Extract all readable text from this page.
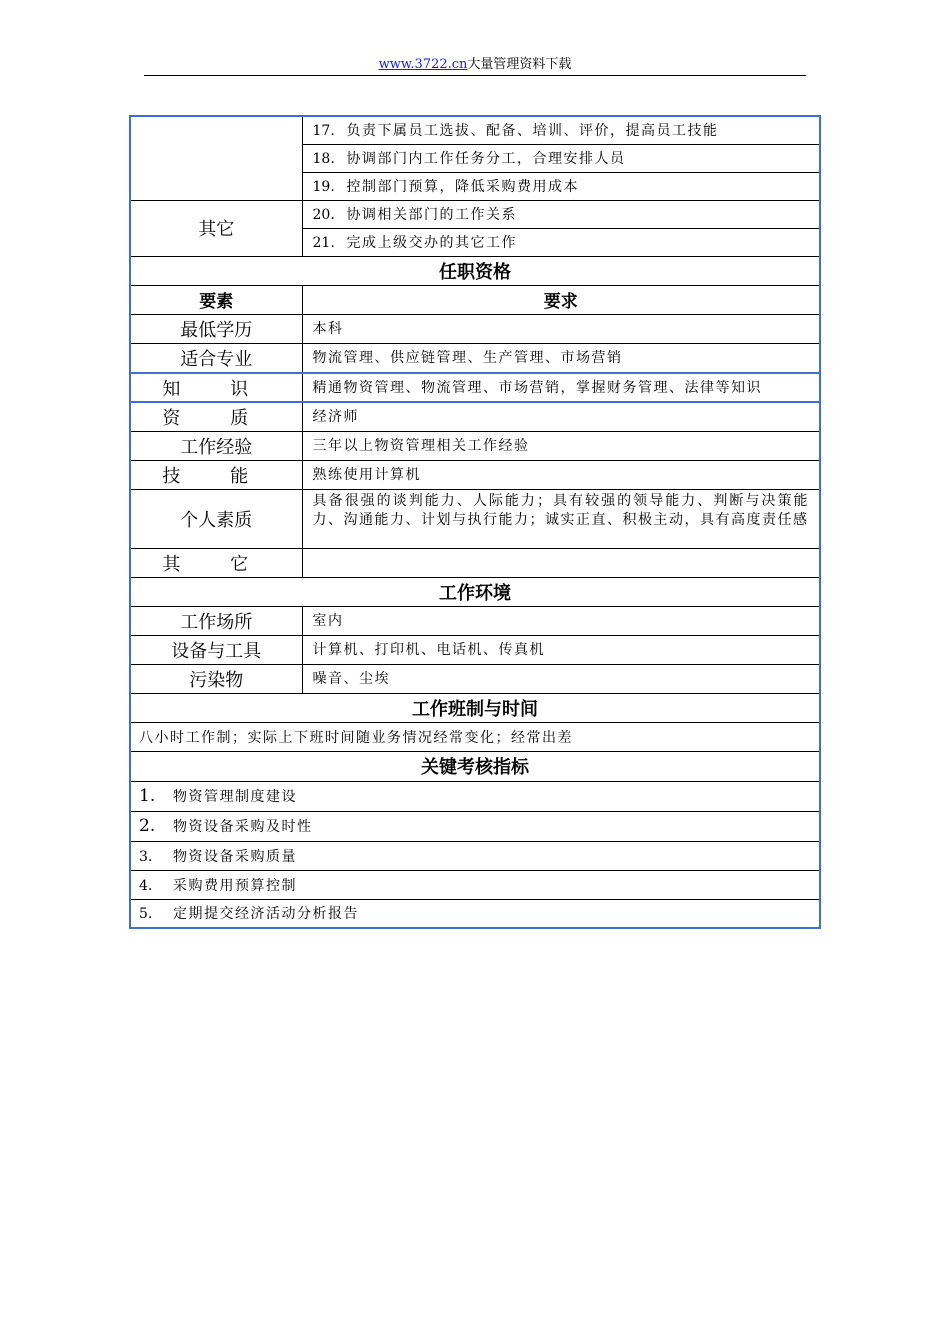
www.3722.cn大量管理资料下载
	17. 负责下属员工选拔、配备、培训、评价，提高员工技能
	18. 协调部门内工作任务分工，合理安排人员
	19. 控制部门预算，降低采购费用成本
其它	20. 协调相关部门的工作关系
	21. 完成上级交办的其它工作
任职资格	
要素	要求
最低学历	本科
适合专业	物流管理、供应链管理、生产管理、市场营销
知 识	精通物资管理、物流管理、市场营销，掌握财务管理、法律等知识
资 质	经济师
工作经验	三年以上物资管理相关工作经验
技 能	熟练使用计算机
个人素质	具备很强的谈判能力、人际能力；具有较强的领导能力、判断与决策能力、沟通能力、计划与执行能力；诚实正直、积极主动，具有高度责任感
其 它	
工作环境	
工作场所	室内
设备与工具	计算机、打印机、电话机、传真机
污染物	噪音、尘埃
工作班制与时间	
八小时工作制；实际上下班时间随业务情况经常变化；经常出差	
关键考核指标	
1. 物资管理制度建设	
2. 物资设备采购及时性	
3. 物资设备采购质量	
4. 采购费用预算控制	
5. 定期提交经济活动分析报告	
